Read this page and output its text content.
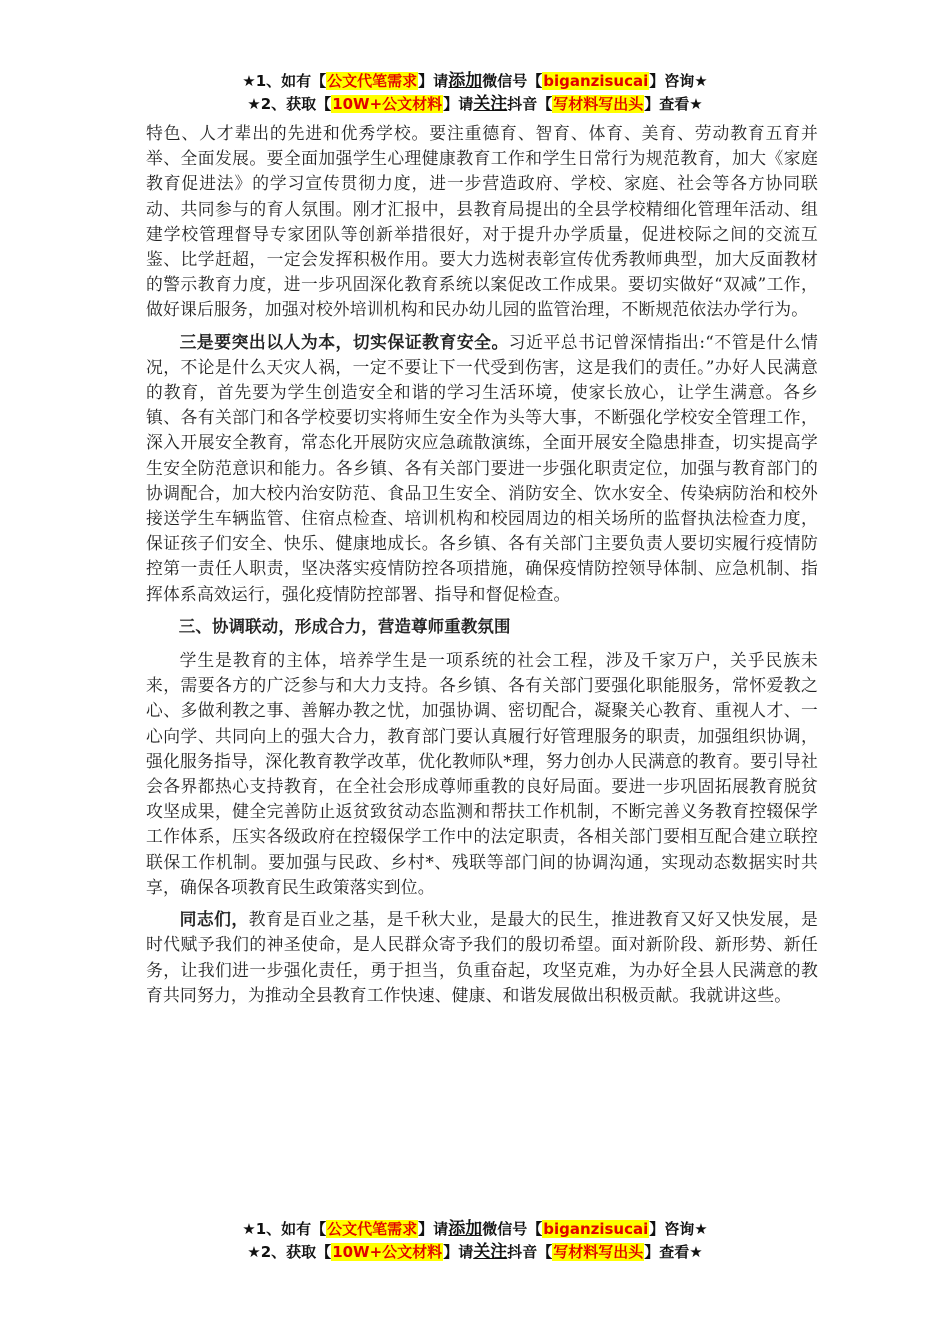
★1、如有【公文代笔需求】请添加微信号【biganzisucai】咨询★
★2、获取【10W+公文材料】请关注抖音【写材料写出头】查看★

特色、人才辈出的先进和优秀学校。要注重德育、智育、体育、美育、劳动教育五育并举、全面发展。要全面加强学生心理健康教育工作和学生日常行为规范教育，加大《家庭教育促进法》的学习宣传贯彻力度，进一步营造政府、学校、家庭、社会等各方协同联动、共同参与的育人氛围。刚才汇报中，县教育局提出的全县学校精细化管理年活动、组建学校管理督导专家团队等创新举措很好，对于提升办学质量，促进校际之间的交流互鉴、比学赶超，一定会发挥积极作用。要大力选树表彰宣传优秀教师典型，加大反面教材的警示教育力度，进一步巩固深化教育系统以案促改工作成果。要切实做好“双减”工作，做好课后服务，加强对校外培训机构和民办幼儿园的监管治理，不断规范依法办学行为。

三是要突出以人为本，切实保证教育安全。习近平总书记曾深情指出:“不管是什么情况，不论是什么天灾人祸，一定不要让下一代受到伤害，这是我们的责任。”办好人民满意的教育，首先要为学生创造安全和谐的学习生活环境，使家长放心，让学生满意。各乡镇、各有关部门和各学校要切实将师生安全作为头等大事，不断强化学校安全管理工作，深入开展安全教育，常态化开展防灾应急疏散演练，全面开展安全隐患排查，切实提高学生安全防范意识和能力。各乡镇、各有关部门要进一步强化职责定位，加强与教育部门的协调配合，加大校内治安防范、食品卫生安全、消防安全、饮水安全、传染病防治和校外接送学生车辆监管、住宿点检查、培训机构和校园周边的相关场所的监督执法检查力度，保证孩子们安全、快乐、健康地成长。各乡镇、各有关部门主要负责人要切实履行疫情防控第一责任人职责，坚决落实疫情防控各项措施，确保疫情防控领导体制、应急机制、指挥体系高效运行，强化疫情防控部署、指导和督促检查。

三、协调联动，形成合力，营造尊师重教氛围

学生是教育的主体，培养学生是一项系统的社会工程，涉及千家万户，关乎民族未来，需要各方的广泛参与和大力支持。各乡镇、各有关部门要强化职能服务，常怀爱教之心、多做利教之事、善解办教之忧，加强协调、密切配合，凝聚关心教育、重视人才、一心向学、共同向上的强大合力，教育部门要认真履行好管理服务的职责，加强组织协调，强化服务指导，深化教育教学改革，优化教师队*理，努力创办人民满意的教育。要引导社会各界都热心支持教育，在全社会形成尊师重教的良好局面。要进一步巩固拓展教育脱贫攻坚成果，健全完善防止返贫致贫动态监测和帮扶工作机制，不断完善义务教育控辍保学工作体系，压实各级政府在控辍保学工作中的法定职责，各相关部门要相互配合建立联控联保工作机制。要加强与民政、乡村*、残联等部门间的协调沟通，实现动态数据实时共享，确保各项教育民生政策落实到位。

同志们，教育是百业之基，是千秋大业，是最大的民生，推进教育又好又快发展，是时代赋予我们的神圣使命，是人民群众寄予我们的殷切希望。面对新阶段、新形势、新任务，让我们进一步强化责任，勇于担当，负重奋起，攻坚克难，为办好全县人民满意的教育共同努力，为推动全县教育工作快速、健康、和谐发展做出积极贡献。我就讲这些。

★1、如有【公文代笔需求】请添加微信号【biganzisucai】咨询★
★2、获取【10W+公文材料】请关注抖音【写材料写出头】查看★
